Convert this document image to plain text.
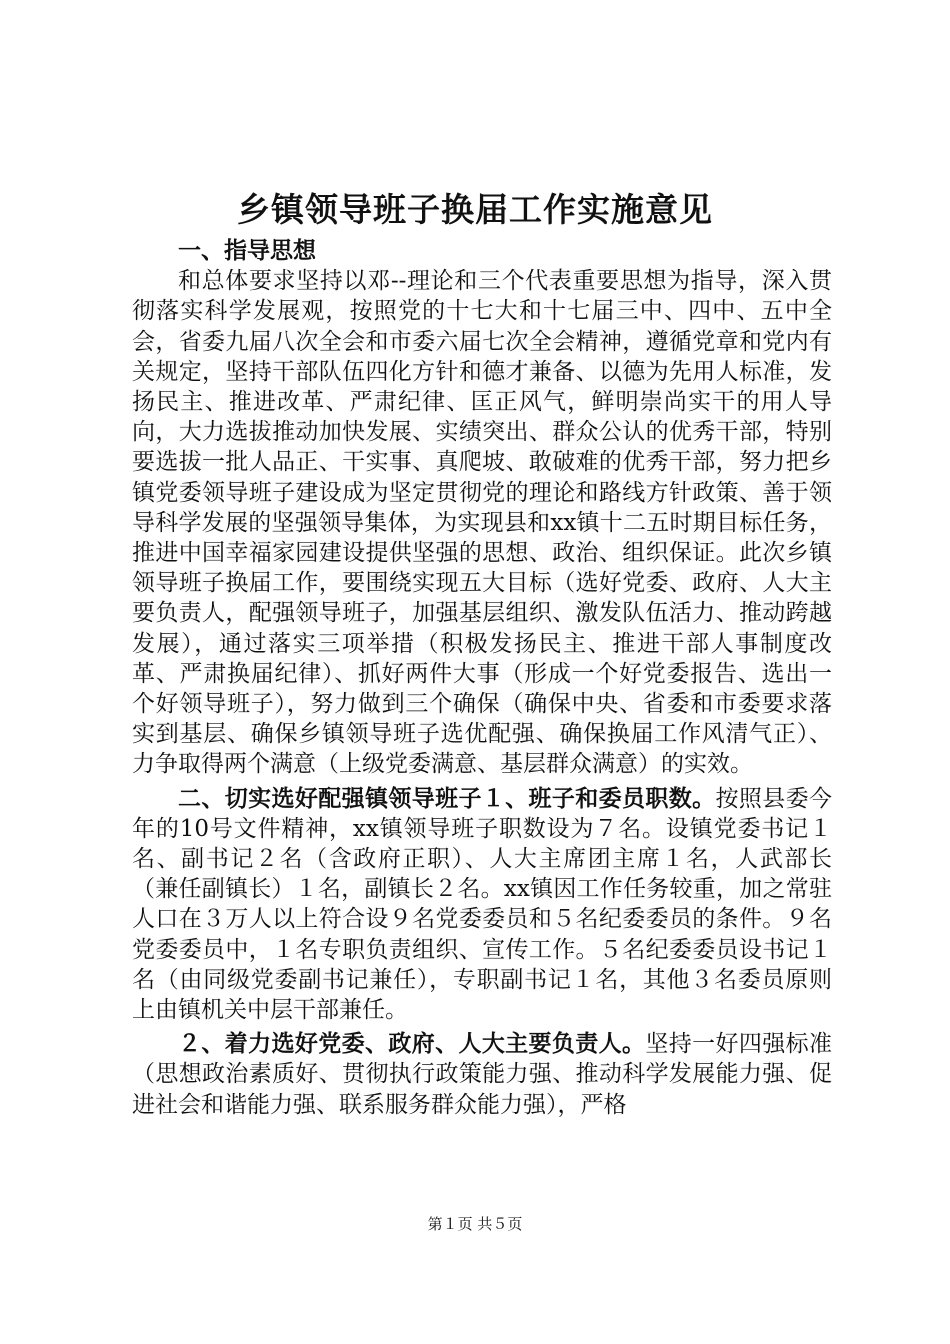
乡镇领导班子换届工作实施意见

一、指导思想

和总体要求坚持以邓--理论和三个代表重要思想为指导，深入贯彻落实科学发展观，按照党的十七大和十七届三中、四中、五中全会，省委九届八次全会和市委六届七次全会精神，遵循党章和党内有关规定，坚持干部队伍四化方针和德才兼备、以德为先用人标准，发扬民主、推进改革、严肃纪律、匡正风气，鲜明崇尚实干的用人导向，大力选拔推动加快发展、实绩突出、群众公认的优秀干部，特别要选拔一批人品正、干实事、真爬坡、敢破难的优秀干部，努力把乡镇党委领导班子建设成为坚定贯彻党的理论和路线方针政策、善于领导科学发展的坚强领导集体，为实现县和xx镇十二五时期目标任务，推进中国幸福家园建设提供坚强的思想、政治、组织保证。此次乡镇领导班子换届工作，要围绕实现五大目标（选好党委、政府、人大主要负责人，配强领导班子，加强基层组织、激发队伍活力、推动跨越发展），通过落实三项举措（积极发扬民主、推进干部人事制度改革、严肃换届纪律）、抓好两件大事（形成一个好党委报告、选出一个好领导班子），努力做到三个确保（确保中央、省委和市委要求落实到基层、确保乡镇领导班子选优配强、确保换届工作风清气正）、力争取得两个满意（上级党委满意、基层群众满意）的实效。

二、切实选好配强镇领导班子１、班子和委员职数。按照县委今年的10号文件精神，xx镇领导班子职数设为７名。设镇党委书记１名、副书记２名（含政府正职）、人大主席团主席１名，人武部长（兼任副镇长）１名，副镇长２名。xx镇因工作任务较重，加之常驻人口在３万人以上符合设９名党委委员和５名纪委委员的条件。９名党委委员中，１名专职负责组织、宣传工作。５名纪委委员设书记１名（由同级党委副书记兼任），专职副书记１名，其他３名委员原则上由镇机关中层干部兼任。

２、着力选好党委、政府、人大主要负责人。坚持一好四强标准（思想政治素质好、贯彻执行政策能力强、推动科学发展能力强、促进社会和谐能力强、联系服务群众能力强），严格

第１页 共５页
